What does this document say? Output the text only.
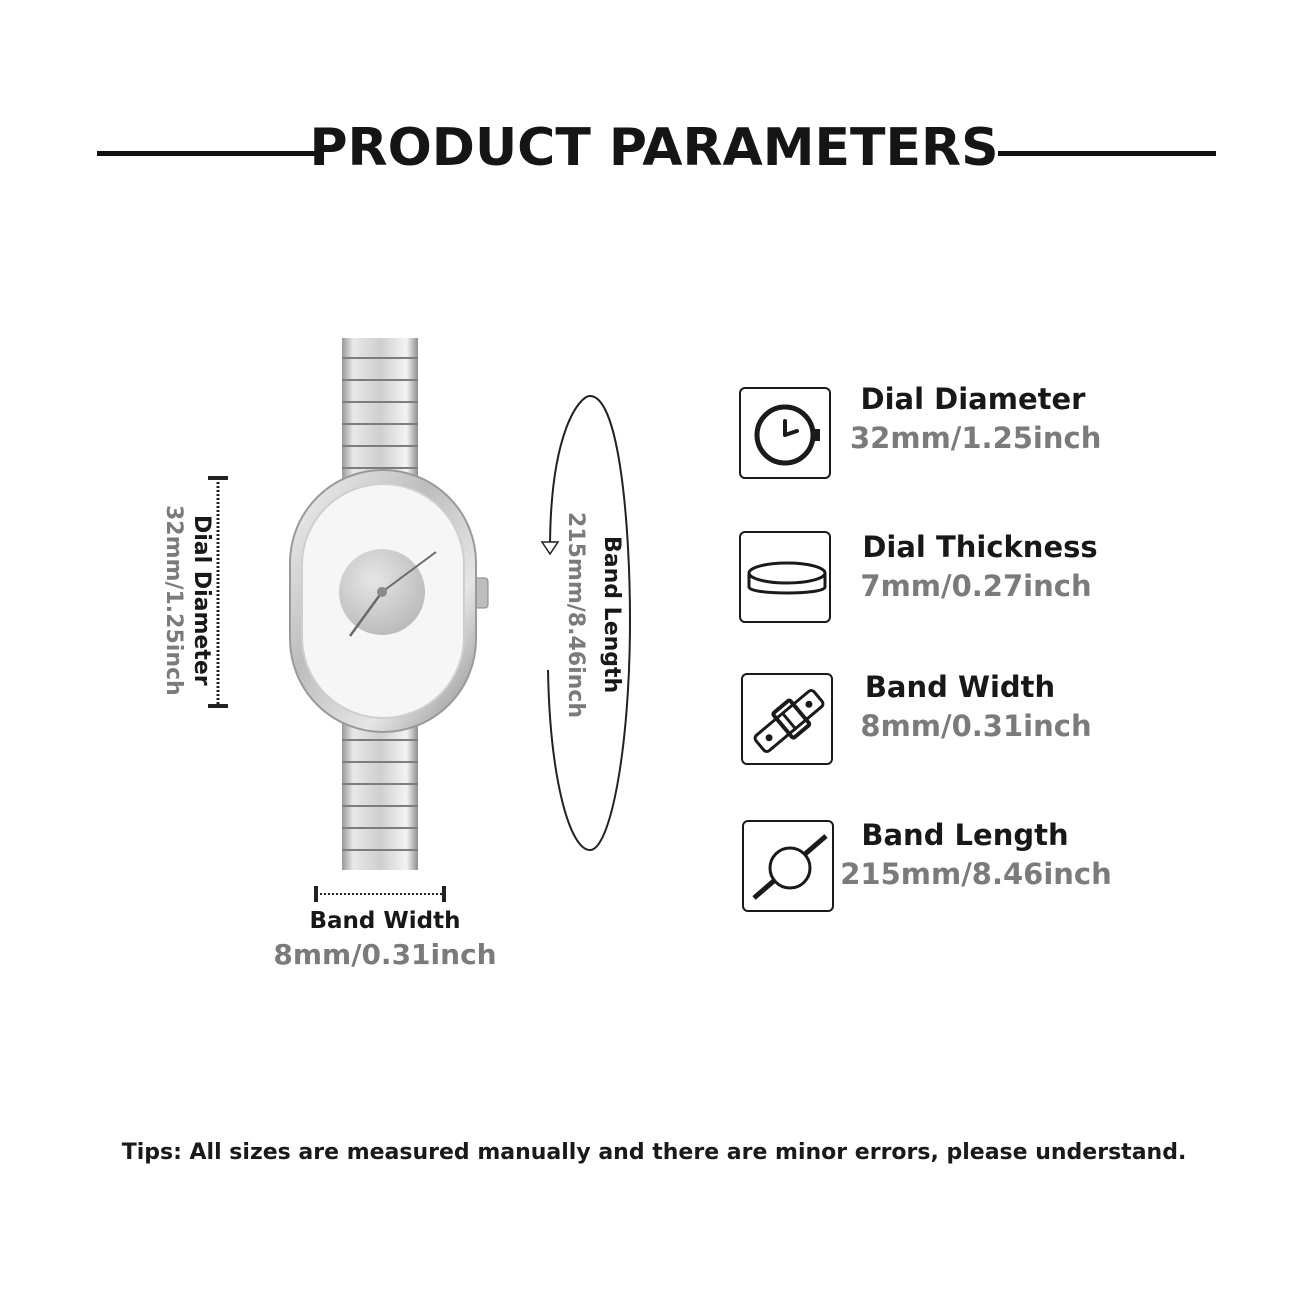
PRODUCT PARAMETERS
Dial Diameter
32mm/1.25inch	Band Length
215mm/8.46inch
Band Width
8mm/0.31inch
Dial Diameter
32mm/1.25inch
Dial Thickness
7mm/0.27inch
Band Width
8mm/0.31inch
Band Length
215mm/8.46inch
Tips: All sizes are measured manually and there are minor errors, please understand.
